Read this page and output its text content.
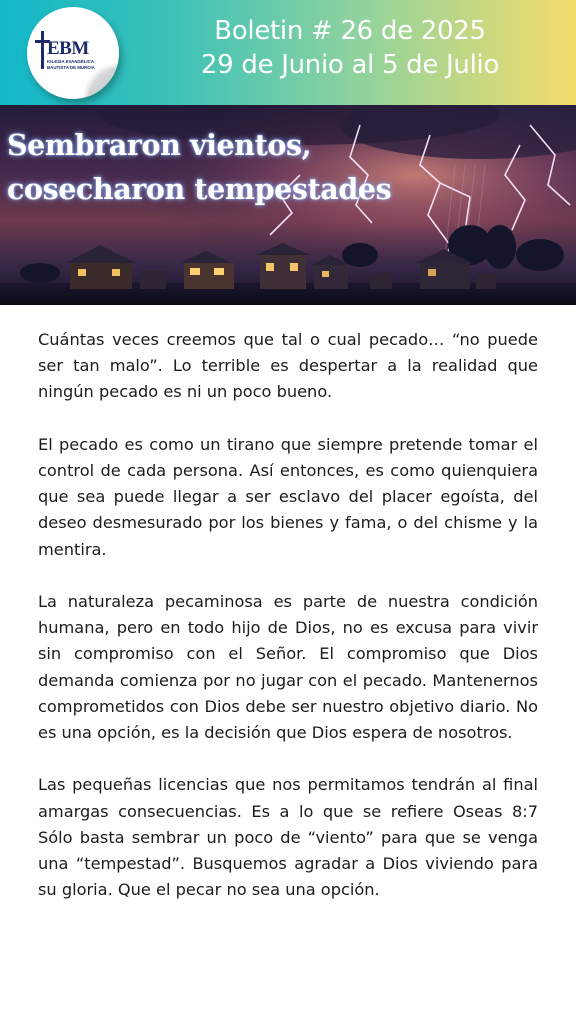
EBM
IGLESIA EVANGÉLICA BAUTISTA DE MURCIA
Boletin # 26 de 2025
29 de Junio al 5 de Julio
Sembraron vientos,
cosecharon tempestades

Cuántas veces creemos que tal o cual pecado… “no puede ser tan malo”. Lo terrible es despertar a la realidad que ningún pecado es ni un poco bueno.

El pecado es como un tirano que siempre pretende tomar el control de cada persona. Así entonces, es como quienquiera que sea puede llegar a ser esclavo del placer egoísta, del deseo desmesurado por los bienes y fama, o del chisme y la mentira.

La naturaleza pecaminosa es parte de nuestra condición humana, pero en todo hijo de Dios, no es excusa para vivir sin compromiso con el Señor. El compromiso que Dios demanda comienza por no jugar con el pecado. Mantenernos comprometidos con Dios debe ser nuestro objetivo diario. No es una opción, es la decisión que Dios espera de nosotros.

Las pequeñas licencias que nos permitamos tendrán al final amargas consecuencias. Es a lo que se refiere Oseas 8:7 Sólo basta sembrar un poco de “viento” para que se venga una “tempestad”. Busquemos agradar a Dios viviendo para su gloria. Que el pecar no sea una opción.
